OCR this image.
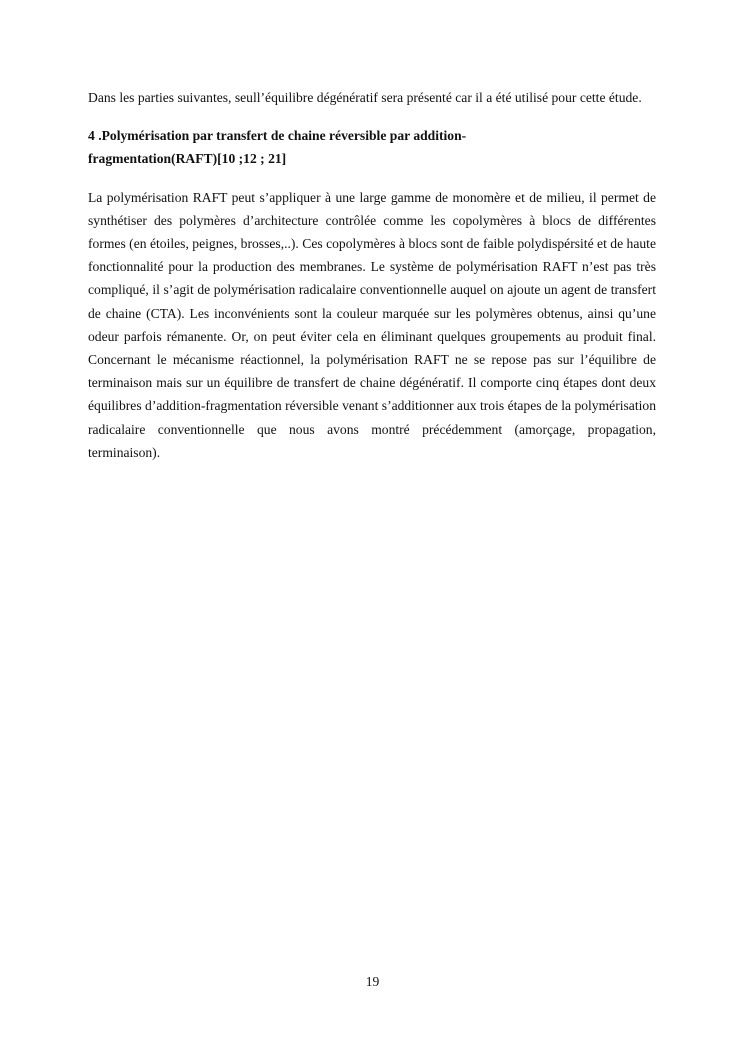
Dans les parties suivantes, seull’équilibre dégénératif sera présenté car il a été utilisé pour cette étude.

4 .Polymérisation par transfert de chaine réversible par addition-
fragmentation(RAFT)[10 ;12 ; 21]

La polymérisation RAFT peut s’appliquer à une large gamme de monomère et de milieu, il permet de synthétiser des polymères d’architecture contrôlée comme les copolymères à blocs de différentes formes (en étoiles, peignes, brosses,..). Ces copolymères à blocs sont de faible polydispérsité et de haute fonctionnalité pour la production des membranes. Le système de polymérisation RAFT n’est pas très compliqué, il s’agit de polymérisation radicalaire conventionnelle auquel on ajoute un agent de transfert de chaine (CTA). Les inconvénients sont la couleur marquée sur les polymères obtenus, ainsi qu’une odeur parfois rémanente. Or, on peut éviter cela en éliminant quelques groupements au produit final. Concernant le mécanisme réactionnel, la polymérisation RAFT ne se repose pas sur l’équilibre de terminaison mais sur un équilibre de transfert de chaine dégénératif. Il comporte cinq étapes dont deux équilibres d’addition-fragmentation réversible venant s’additionner aux trois étapes de la polymérisation radicalaire conventionnelle que nous avons montré précédemment (amorçage, propagation, terminaison).

19
